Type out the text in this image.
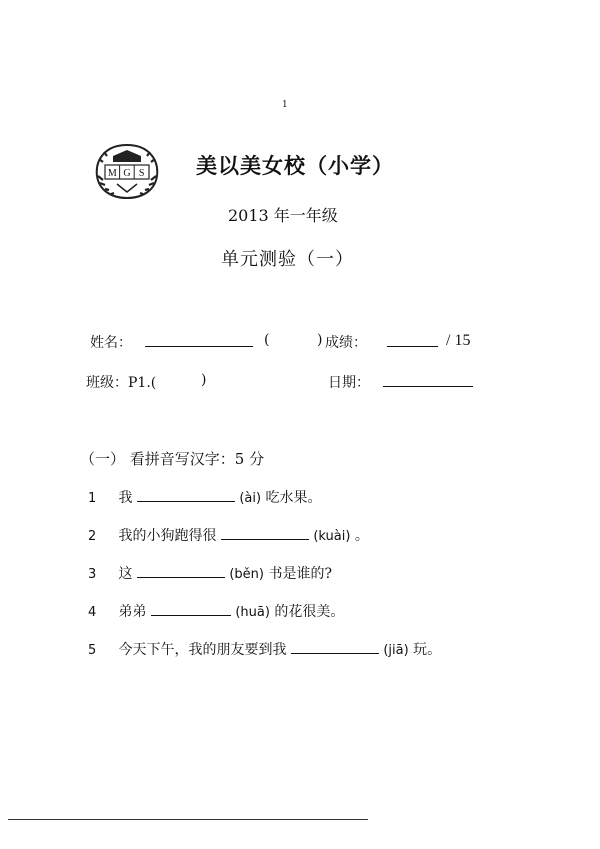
1
M G S 美以美女校（小学）
2013 年一年级
单元测验（一）
姓名：	(	) 成绩：	/ 15
班级：P1.(	)	日期：
（一） 看拼音写汉字：5 分
1 我	(ài) 吃水果。
2 我的小狗跑得很	(kuài) 。
3 这	(běn) 书是谁的?
4 弟弟	(huā) 的花很美。
5 今天下午，我的朋友要到我	(jiā) 玩。
